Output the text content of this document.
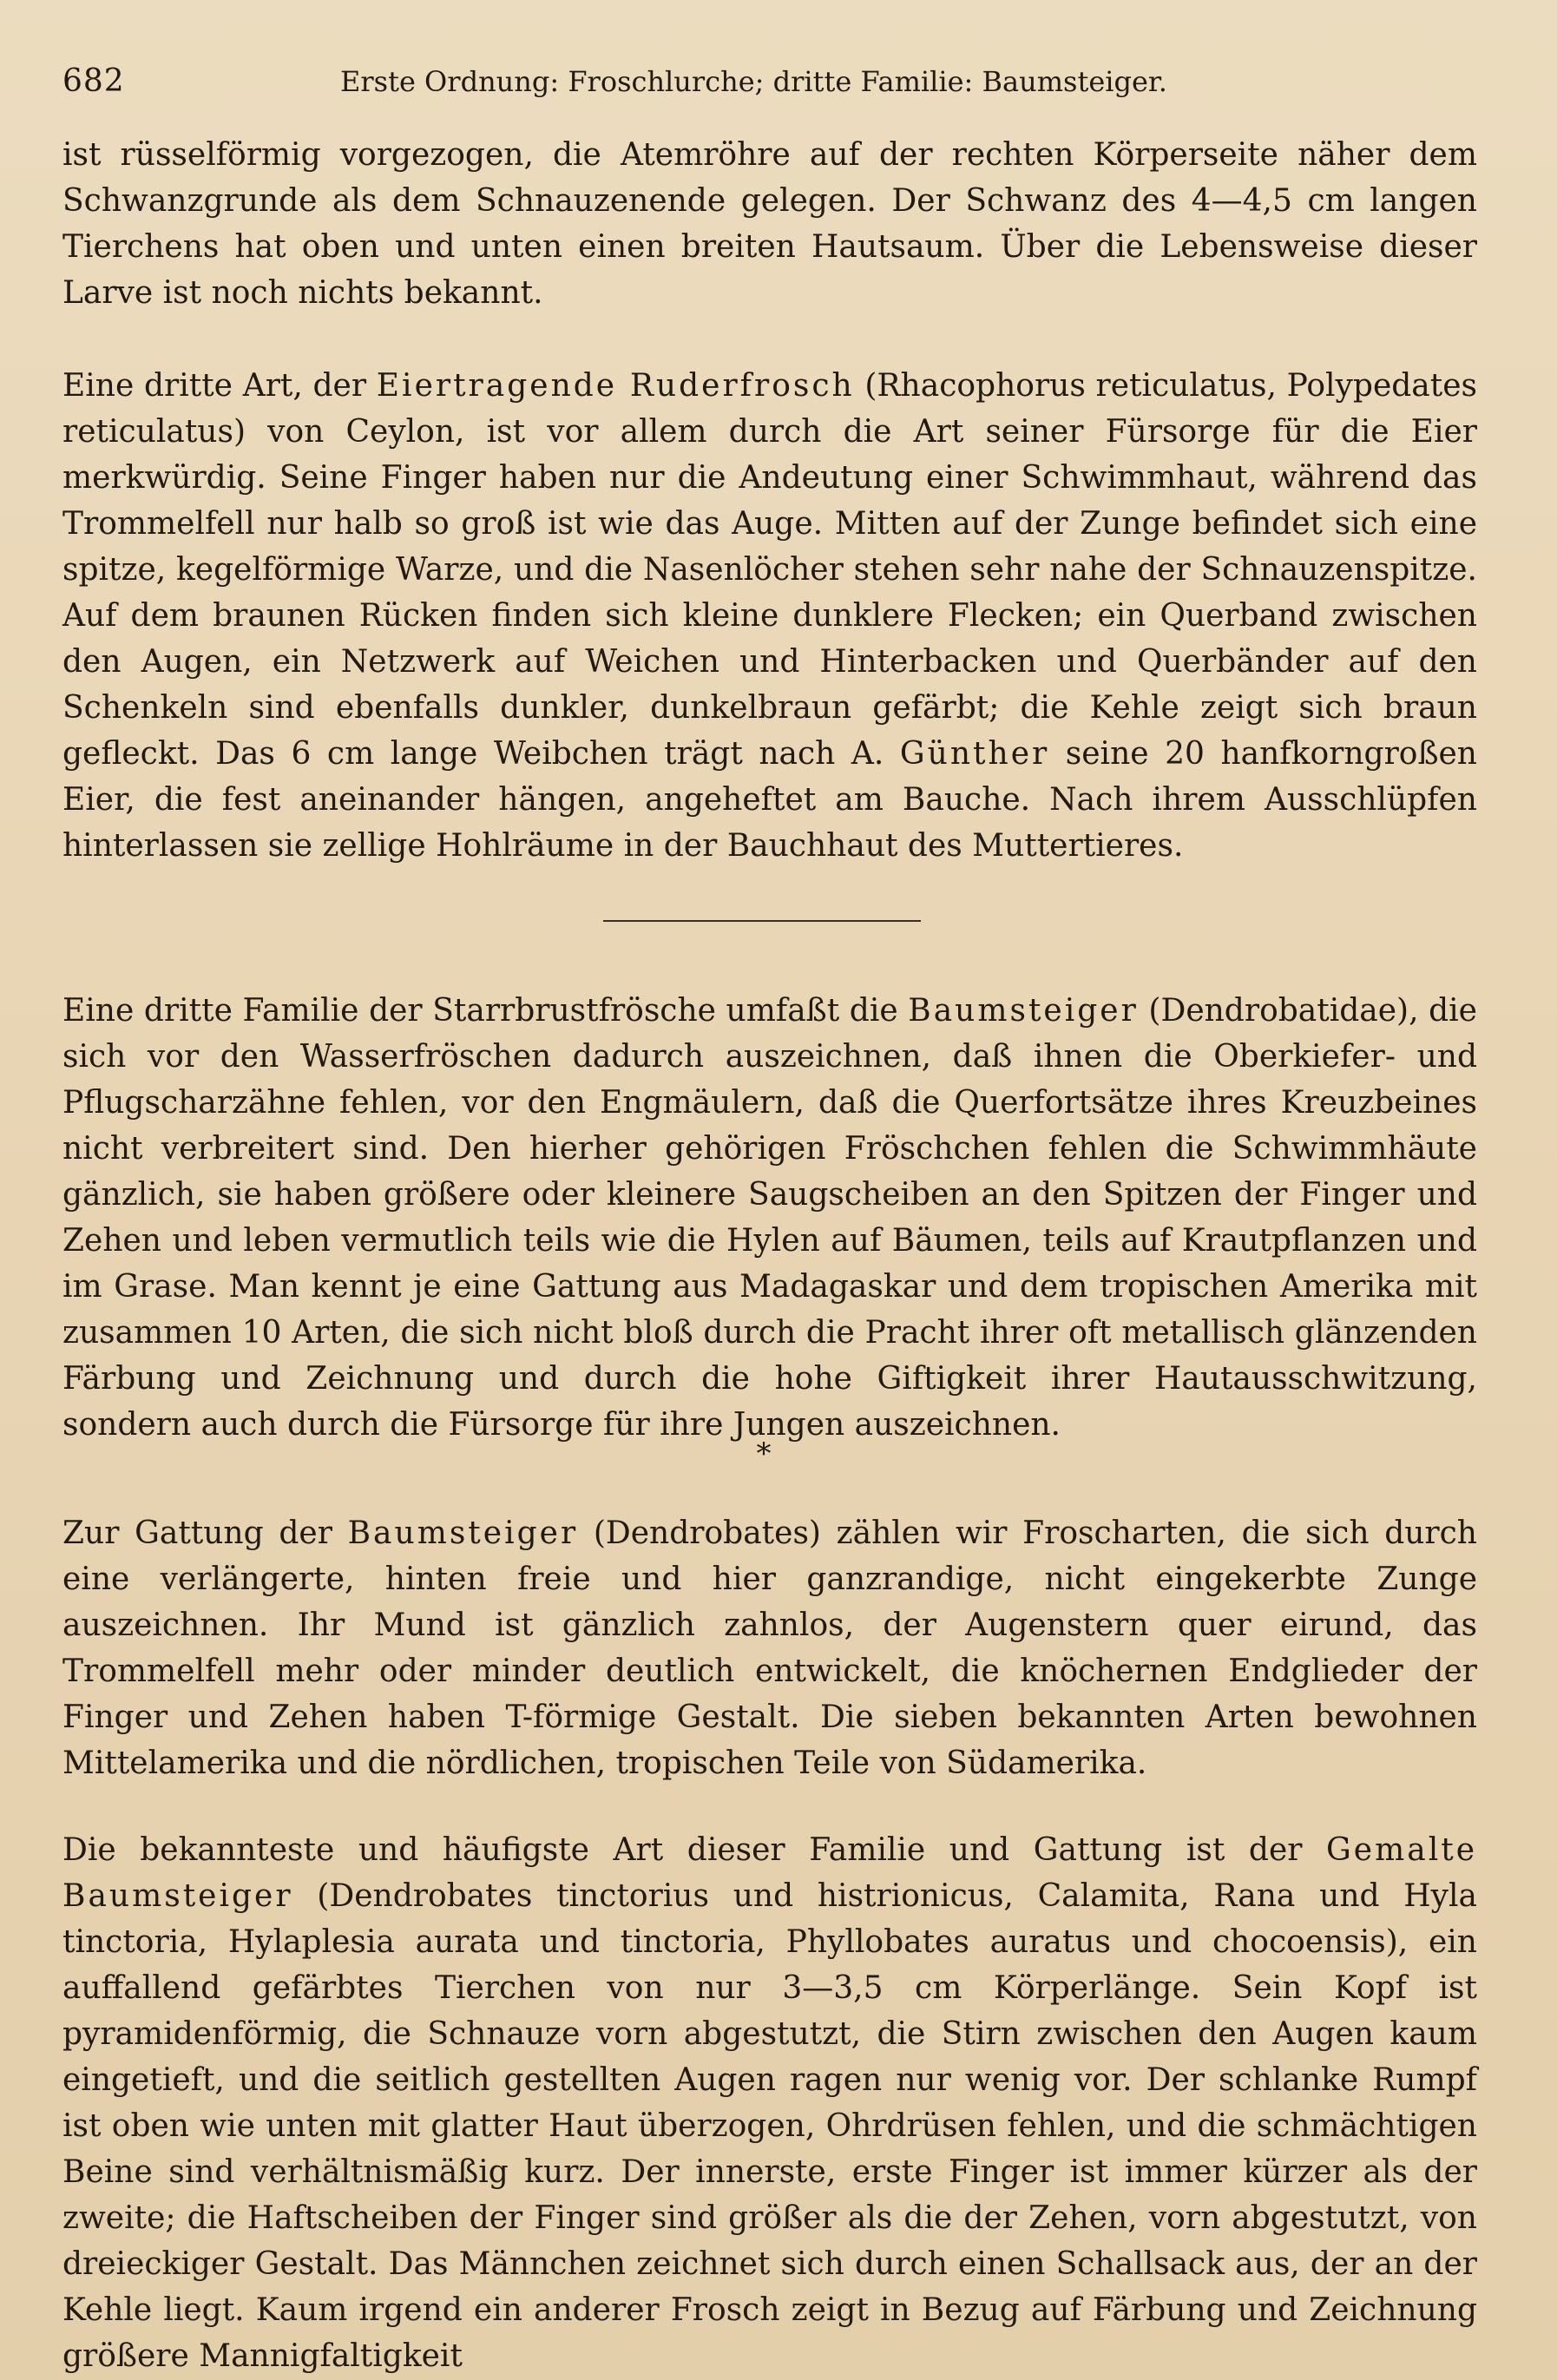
682	Erste Ordnung: Froschlurche; dritte Familie: Baumsteiger.

ist rüsselförmig vorgezogen, die Atemröhre auf der rechten Körperseite näher dem Schwanzgrunde als dem Schnauzenende gelegen. Der Schwanz des 4—4,5 cm langen Tierchens hat oben und unten einen breiten Hautsaum. Über die Lebensweise dieser Larve ist noch nichts bekannt.

Eine dritte Art, der Eiertragende Ruderfrosch (Rhacophorus reticulatus, Polypedates reticulatus) von Ceylon, ist vor allem durch die Art seiner Fürsorge für die Eier merkwürdig. Seine Finger haben nur die Andeutung einer Schwimmhaut, während das Trommelfell nur halb so groß ist wie das Auge. Mitten auf der Zunge befindet sich eine spitze, kegelförmige Warze, und die Nasenlöcher stehen sehr nahe der Schnauzenspitze. Auf dem braunen Rücken finden sich kleine dunklere Flecken; ein Querband zwischen den Augen, ein Netzwerk auf Weichen und Hinterbacken und Querbänder auf den Schenkeln sind ebenfalls dunkler, dunkelbraun gefärbt; die Kehle zeigt sich braun gefleckt. Das 6 cm lange Weibchen trägt nach A. Günther seine 20 hanfkorngroßen Eier, die fest aneinander hängen, angeheftet am Bauche. Nach ihrem Ausschlüpfen hinterlassen sie zellige Hohlräume in der Bauchhaut des Muttertieres.

Eine dritte Familie der Starrbrustfrösche umfaßt die Baumsteiger (Dendrobatidae), die sich vor den Wasserfröschen dadurch auszeichnen, daß ihnen die Oberkiefer- und Pflugscharzähne fehlen, vor den Engmäulern, daß die Querfortsätze ihres Kreuzbeines nicht verbreitert sind. Den hierher gehörigen Fröschchen fehlen die Schwimmhäute gänzlich, sie haben größere oder kleinere Saugscheiben an den Spitzen der Finger und Zehen und leben vermutlich teils wie die Hylen auf Bäumen, teils auf Krautpflanzen und im Grase. Man kennt je eine Gattung aus Madagaskar und dem tropischen Amerika mit zusammen 10 Arten, die sich nicht bloß durch die Pracht ihrer oft metallisch glänzenden Färbung und Zeichnung und durch die hohe Giftigkeit ihrer Hautausschwitzung, sondern auch durch die Fürsorge für ihre Jungen auszeichnen.

*

Zur Gattung der Baumsteiger (Dendrobates) zählen wir Froscharten, die sich durch eine verlängerte, hinten freie und hier ganzrandige, nicht eingekerbte Zunge auszeichnen. Ihr Mund ist gänzlich zahnlos, der Augenstern quer eirund, das Trommelfell mehr oder minder deutlich entwickelt, die knöchernen Endglieder der Finger und Zehen haben T-förmige Gestalt. Die sieben bekannten Arten bewohnen Mittelamerika und die nördlichen, tropischen Teile von Südamerika.

Die bekannteste und häufigste Art dieser Familie und Gattung ist der Gemalte Baumsteiger (Dendrobates tinctorius und histrionicus, Calamita, Rana und Hyla tinctoria, Hylaplesia aurata und tinctoria, Phyllobates auratus und chocoensis), ein auffallend gefärbtes Tierchen von nur 3—3,5 cm Körperlänge. Sein Kopf ist pyramidenförmig, die Schnauze vorn abgestutzt, die Stirn zwischen den Augen kaum eingetieft, und die seitlich gestellten Augen ragen nur wenig vor. Der schlanke Rumpf ist oben wie unten mit glatter Haut überzogen, Ohrdrüsen fehlen, und die schmächtigen Beine sind verhältnismäßig kurz. Der innerste, erste Finger ist immer kürzer als der zweite; die Haftscheiben der Finger sind größer als die der Zehen, vorn abgestutzt, von dreieckiger Gestalt. Das Männchen zeichnet sich durch einen Schallsack aus, der an der Kehle liegt. Kaum irgend ein anderer Frosch zeigt in Bezug auf Färbung und Zeichnung größere Mannigfaltigkeit
